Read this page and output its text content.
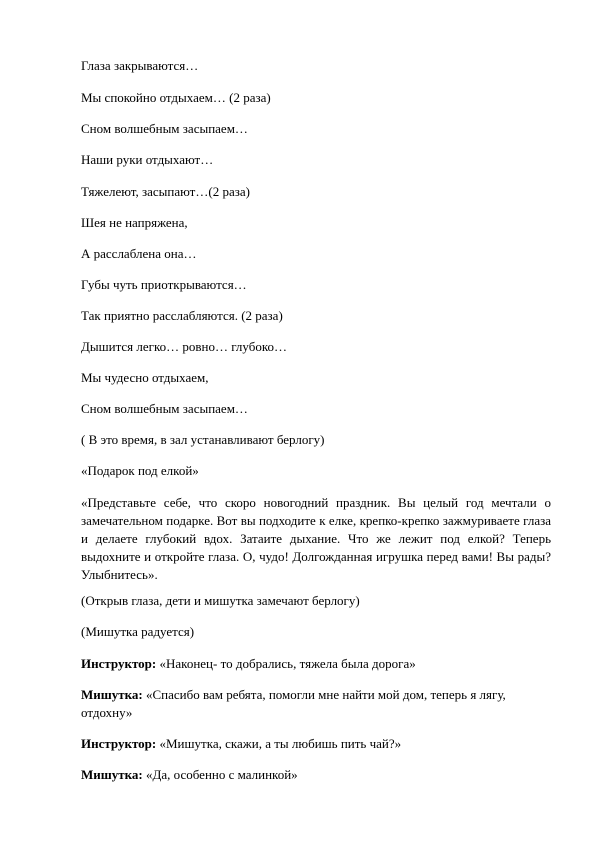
Глаза закрываются…
Мы спокойно отдыхаем… (2 раза)
Сном волшебным засыпаем…
Наши руки отдыхают…
Тяжелеют, засыпают…(2 раза)
Шея не напряжена,
А расслаблена она…
Губы чуть приоткрываются…
Так приятно расслабляются. (2 раза)
Дышится легко… ровно… глубоко…
Мы чудесно отдыхаем,
Сном волшебным засыпаем…
( В это время, в зал устанавливают берлогу)
«Подарок под елкой»
«Представьте себе, что скоро новогодний праздник. Вы целый год мечтали о замечательном подарке. Вот вы подходите к елке, крепко-крепко зажмуриваете глаза и делаете глубокий вдох. Затаите дыхание. Что же лежит под елкой? Теперь выдохните и откройте глаза. О, чудо! Долгожданная игрушка перед вами! Вы рады? Улыбнитесь».
(Открыв глаза, дети и мишутка замечают берлогу)
(Мишутка радуется)
Инструктор: «Наконец- то добрались, тяжела была дорога»
Мишутка: «Спасибо вам ребята, помогли мне найти мой дом, теперь я лягу, отдохну»
Инструктор: «Мишутка, скажи, а ты любишь пить чай?»
Мишутка: «Да, особенно с малинкой»
